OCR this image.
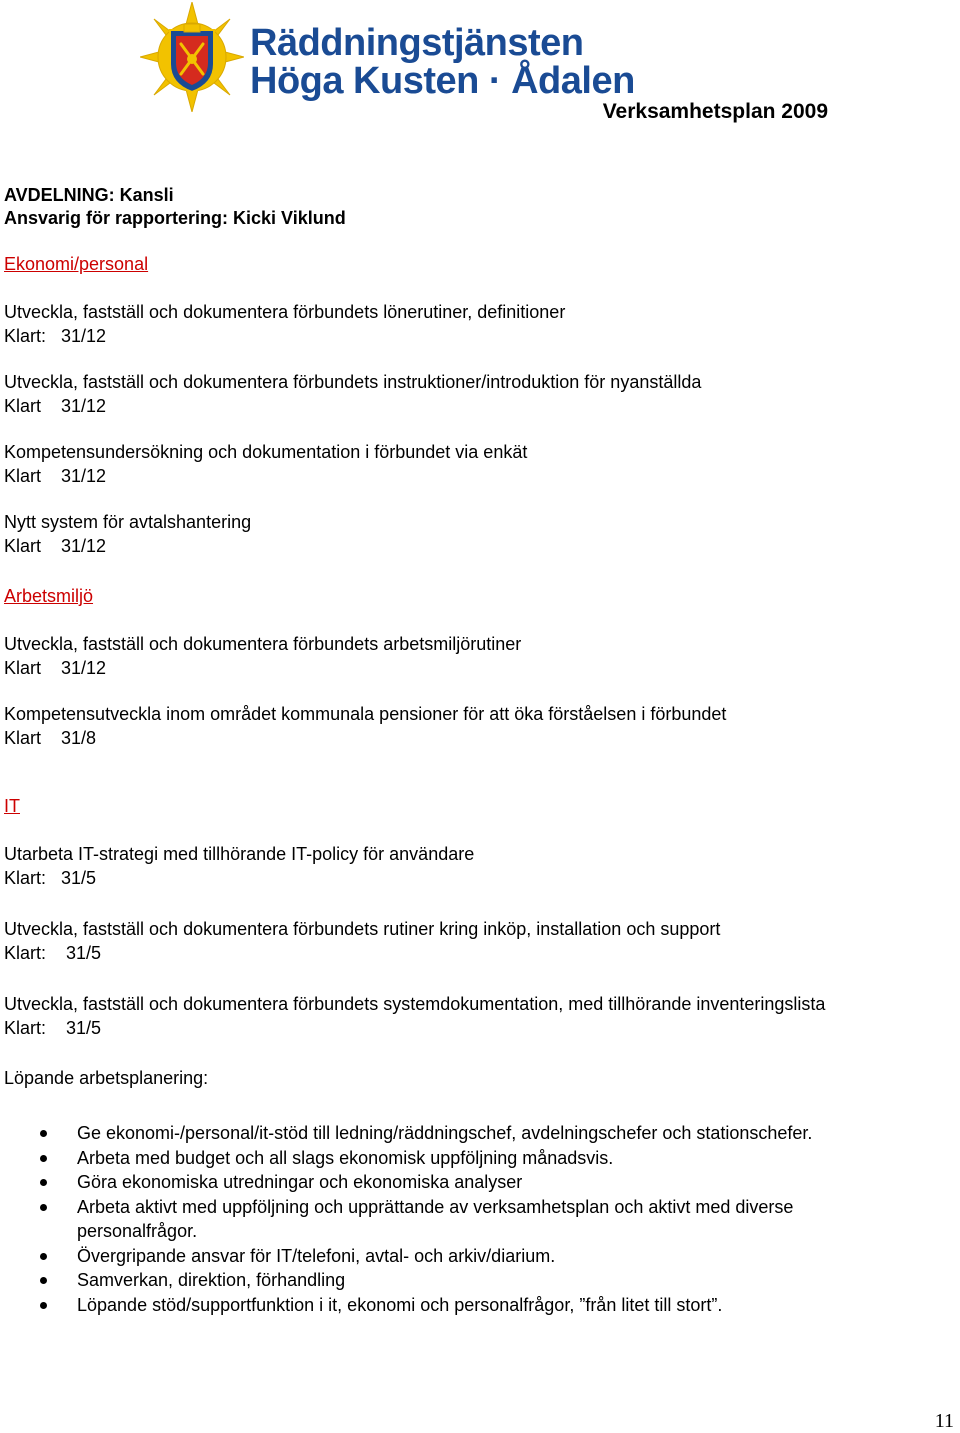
Räddningstjänsten
Höga Kusten · Ådalen
Verksamhetsplan 2009
AVDELNING: Kansli
Ansvarig för rapportering: Kicki Viklund
Ekonomi/personal
Utveckla, fastställ och dokumentera förbundets lönerutiner, definitioner
Klart:   31/12
Utveckla, fastställ och dokumentera förbundets instruktioner/introduktion för nyanställda
Klart    31/12
Kompetensundersökning och dokumentation i förbundet via enkät
Klart    31/12
Nytt system för avtalshantering
Klart    31/12
Arbetsmiljö
Utveckla, fastställ och dokumentera förbundets arbetsmiljörutiner
Klart    31/12
Kompetensutveckla inom området kommunala pensioner för att öka förståelsen i förbundet
Klart    31/8
IT
Utarbeta IT-strategi med tillhörande IT-policy för användare
Klart:   31/5
Utveckla, fastställ och dokumentera förbundets rutiner kring inköp, installation och support
Klart:    31/5
Utveckla, fastställ och dokumentera förbundets systemdokumentation, med tillhörande inventeringslista
Klart:    31/5
Löpande arbetsplanering:
Ge ekonomi-/personal/it-stöd till ledning/räddningschef, avdelningschefer och stationschefer.
Arbeta med budget och all slags ekonomisk uppföljning månadsvis.
Göra ekonomiska utredningar och ekonomiska analyser
Arbeta aktivt med uppföljning och upprättande av verksamhetsplan och aktivt med diverse personalfrågor.
Övergripande ansvar för IT/telefoni, avtal- och arkiv/diarium.
Samverkan, direktion, förhandling
Löpande stöd/supportfunktion i it, ekonomi och personalfrågor, ”från litet till stort”.
11
